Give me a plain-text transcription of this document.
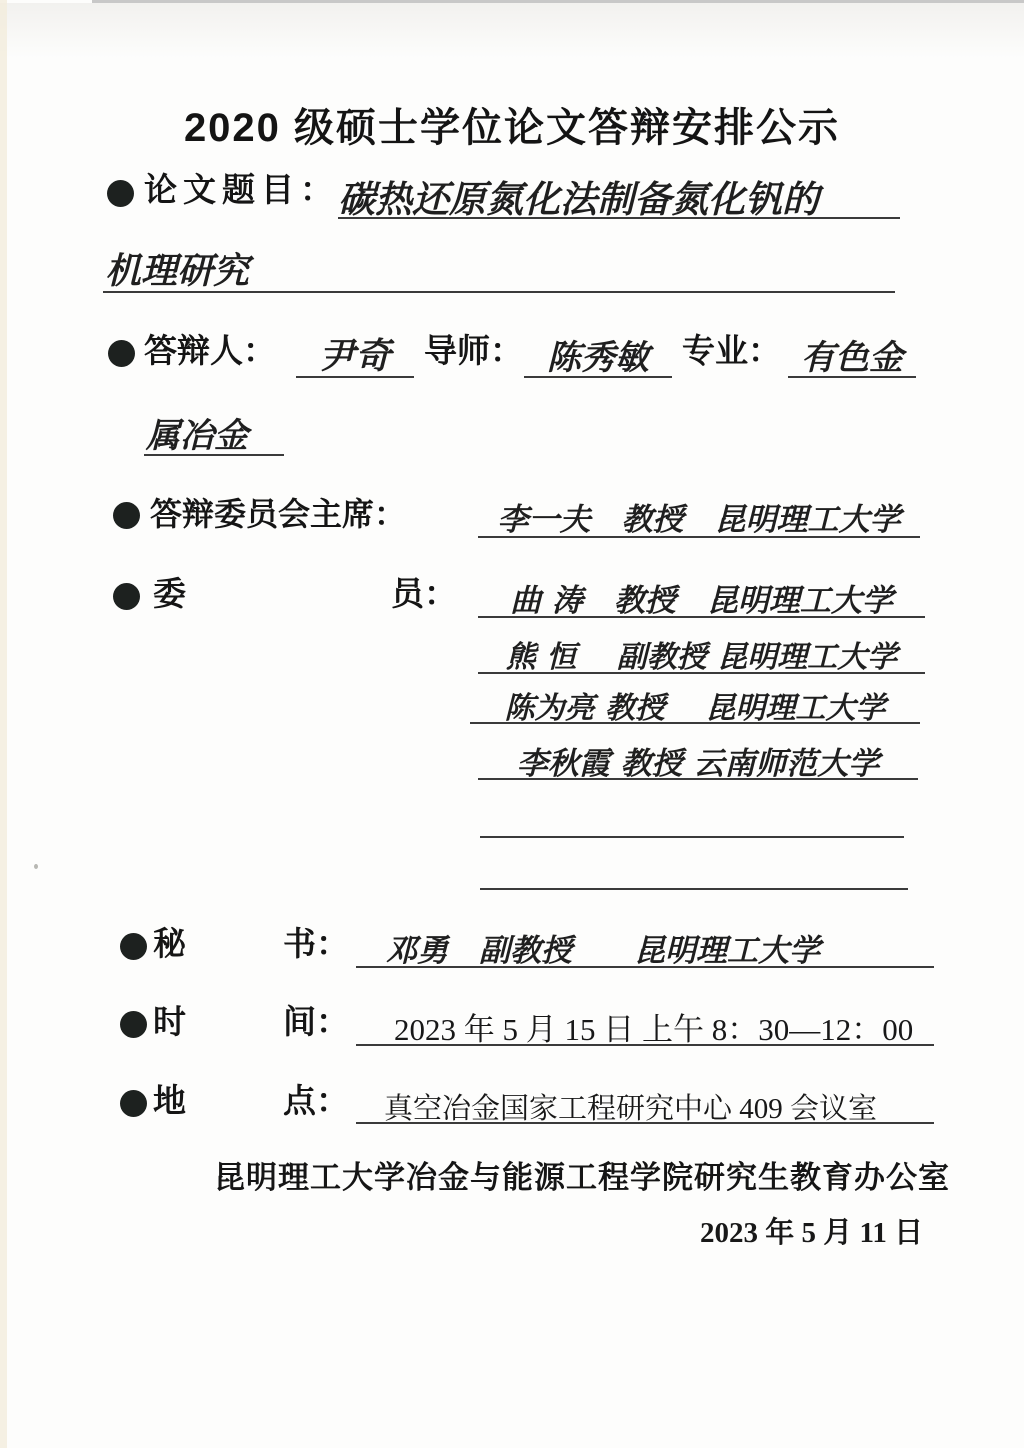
2020 级硕士学位论文答辩安排公示
论文题目： 碳热还原氮化法制备氮化钒的
机理研究
答辩人：	尹奇	导师： 陈秀敏	专业： 有色金
属冶金
答辩委员会主席：	李一夫　教授　昆明理工大学
委	员：	曲 涛　教授　昆明理工大学
熊 恒　 副教授 昆明理工大学
陈为亮 教授　 昆明理工大学
李秋霞 教授 云南师范大学
秘	书：	邓勇　副教授　　昆明理工大学
时	间：	2023 年 5 月 15 日 上午 8：30—12：00
地	点：	真空冶金国家工程研究中心 409 会议室
昆明理工大学冶金与能源工程学院研究生教育办公室
2023 年 5 月 11 日
